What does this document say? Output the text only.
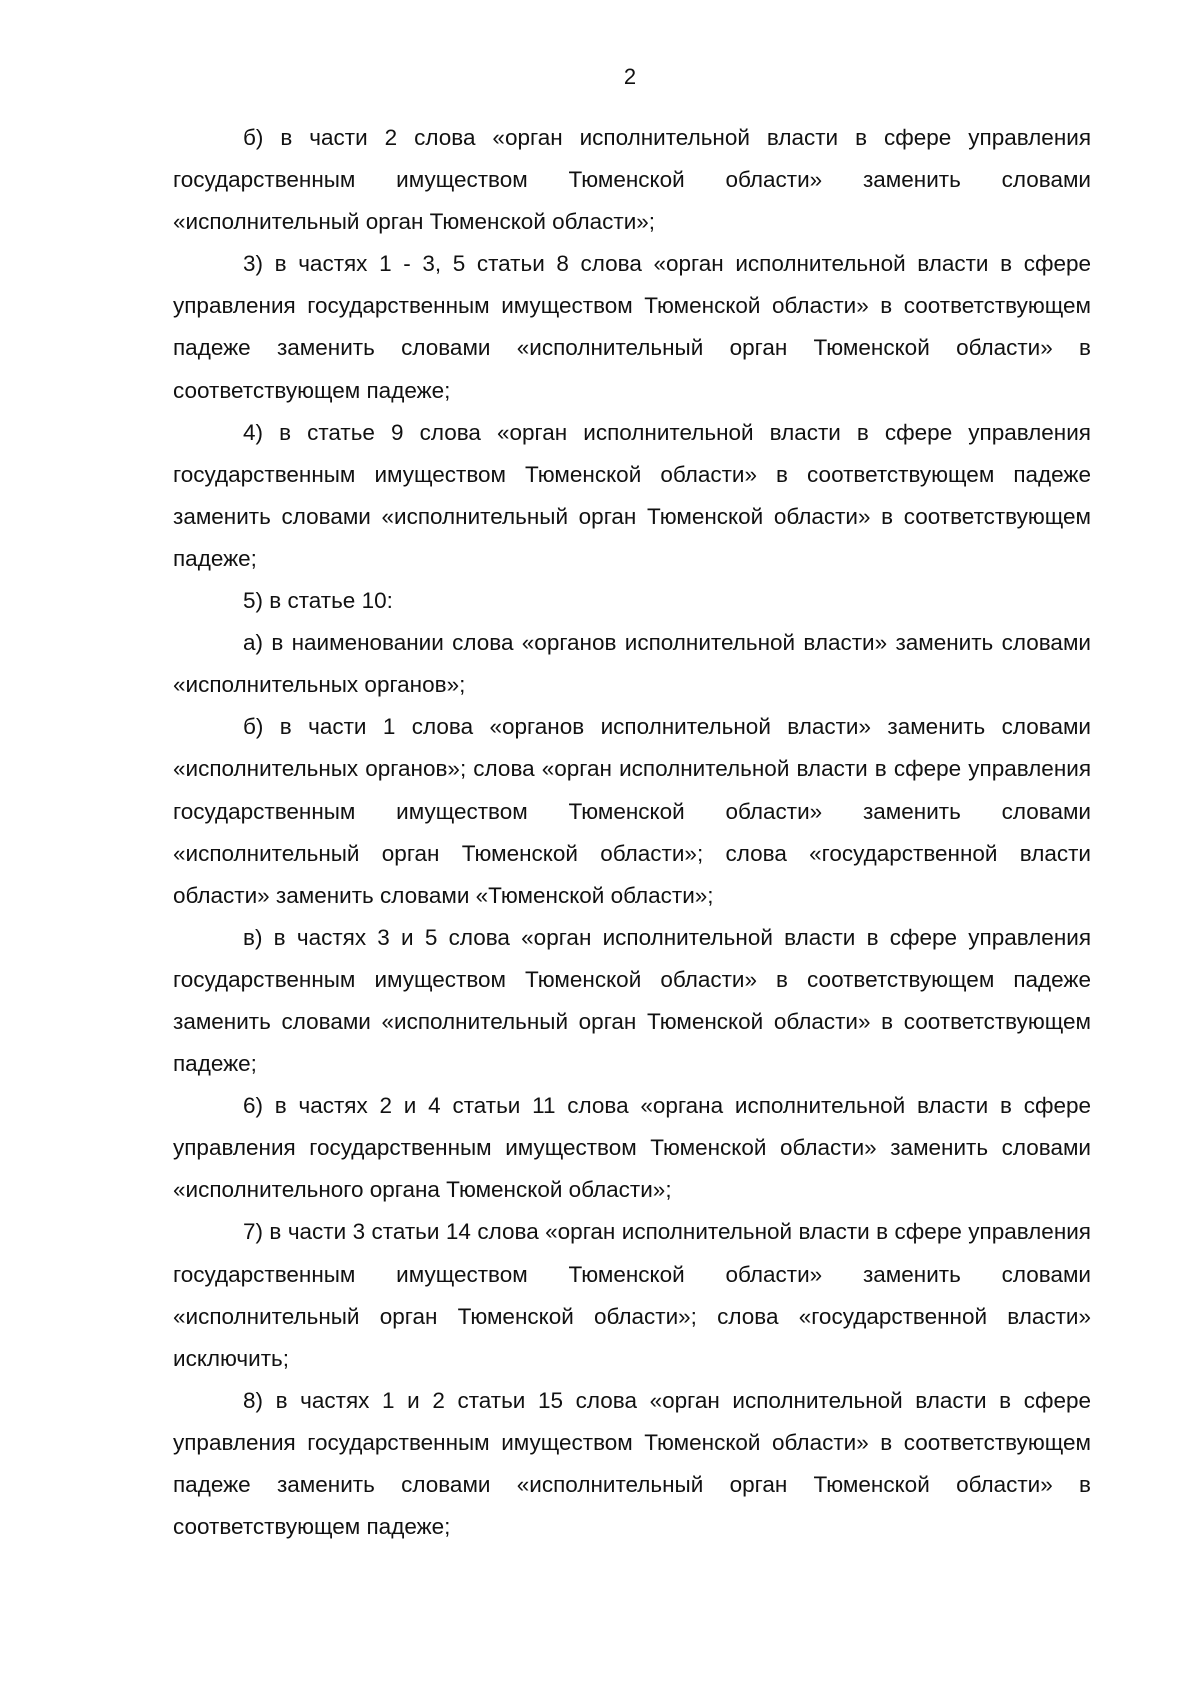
2

б) в части 2 слова «орган исполнительной власти в сфере управления государственным имуществом Тюменской области» заменить словами «исполнительный орган Тюменской области»;

3) в частях 1 - 3, 5 статьи 8 слова «орган исполнительной власти в сфере управления государственным имуществом Тюменской области» в соответствующем падеже заменить словами «исполнительный орган Тюменской области» в соответствующем падеже;

4) в статье 9 слова «орган исполнительной власти в сфере управления государственным имуществом Тюменской области» в соответствующем падеже заменить словами «исполнительный орган Тюменской области» в соответствующем падеже;

5) в статье 10:

а) в наименовании слова «органов исполнительной власти» заменить словами «исполнительных органов»;

б) в части 1 слова «органов исполнительной власти» заменить словами «исполнительных органов»; слова «орган исполнительной власти в сфере управления государственным имуществом Тюменской области» заменить словами «исполнительный орган Тюменской области»; слова «государственной власти области» заменить словами «Тюменской области»;

в) в частях 3 и 5 слова «орган исполнительной власти в сфере управления государственным имуществом Тюменской области» в соответствующем падеже заменить словами «исполнительный орган Тюменской области» в соответствующем падеже;

6) в частях 2 и 4 статьи 11 слова «органа исполнительной власти в сфере управления государственным имуществом Тюменской области» заменить словами «исполнительного органа Тюменской области»;

7) в части 3 статьи 14 слова «орган исполнительной власти в сфере управления государственным имуществом Тюменской области» заменить словами «исполнительный орган Тюменской области»; слова «государственной власти» исключить;

8) в частях 1 и 2 статьи 15 слова «орган исполнительной власти в сфере управления государственным имуществом Тюменской области» в соответствующем падеже заменить словами «исполнительный орган Тюменской области» в соответствующем падеже;
